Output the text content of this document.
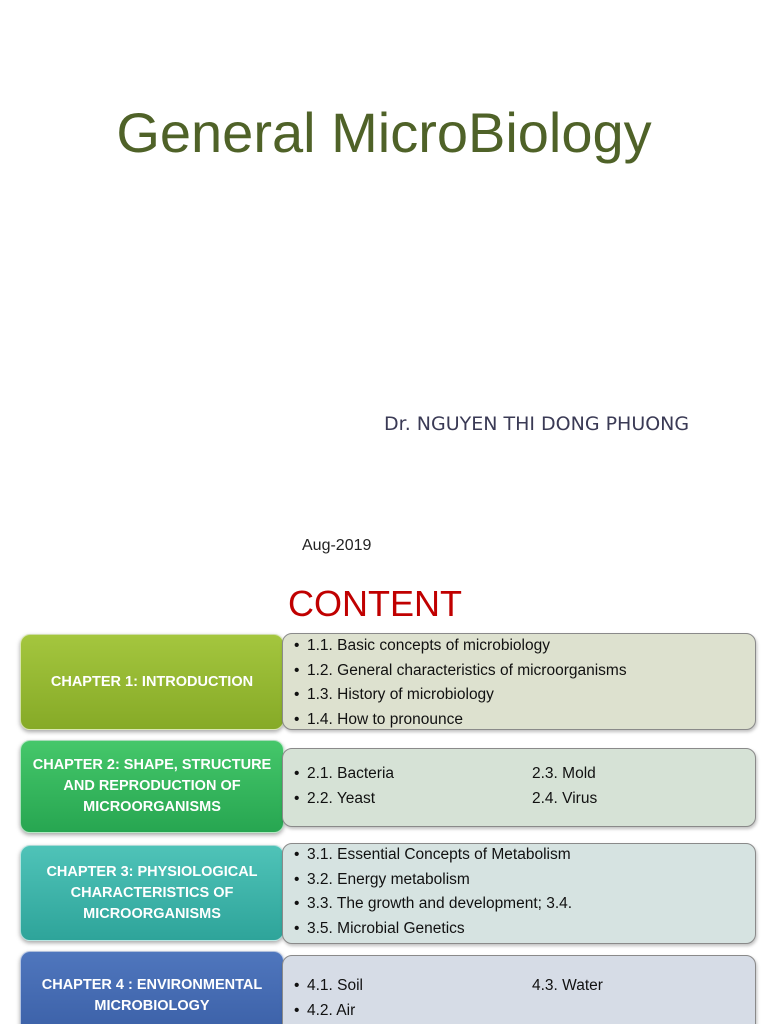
General MicroBiology
Dr. NGUYEN THI DONG PHUONG
Aug-2019
CONTENT
CHAPTER 1: INTRODUCTION
• 1.1. Basic concepts of microbiology
• 1.2. General characteristics of microorganisms
• 1.3. History of microbiology
• 1.4. How to pronounce
CHAPTER 2: SHAPE, STRUCTURE AND REPRODUCTION OF MICROORGANISMS
• 2.1. Bacteria	2.3. Mold
• 2.2. Yeast	2.4. Virus
CHAPTER 3: PHYSIOLOGICAL CHARACTERISTICS OF MICROORGANISMS
• 3.1. Essential Concepts of Metabolism
• 3.2. Energy metabolism
• 3.3. The growth and development; 3.4.
• 3.5. Microbial Genetics
CHAPTER 4 : ENVIRONMENTAL MICROBIOLOGY
• 4.1. Soil	4.3. Water
• 4.2. Air
